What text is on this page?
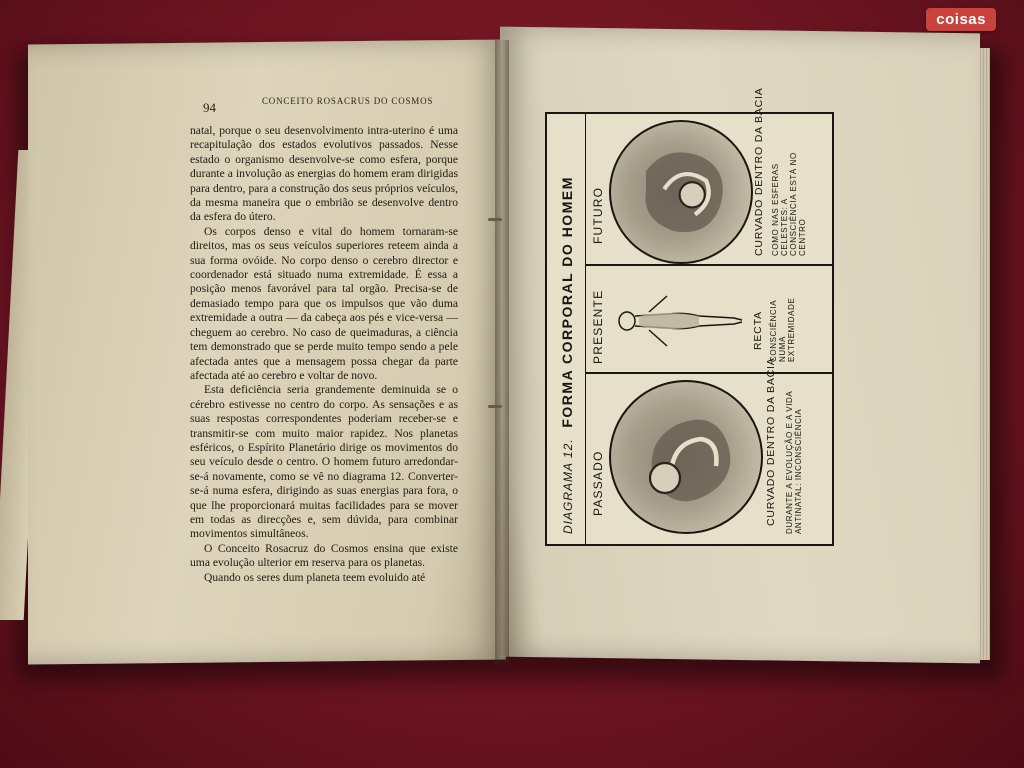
coisas
94	CONCEITO ROSACRUS DO COSMOS

natal, porque o seu desenvolvimento intra-uterino é uma recapitulação dos estados evolutivos passados. Nesse estado o organismo desenvolve-se como esfera, porque durante a involução as energias do homem eram dirigidas para dentro, para a construção dos seus próprios veículos, da mesma maneira que o embrião se desenvolve dentro da esfera do útero.

Os corpos denso e vital do homem tornaram-se direitos, mas os seus veículos superiores reteem ainda a sua forma ovóide. No corpo denso o cerebro director e coordenador está situado numa extremidade. É essa a posição menos favorável para tal orgão. Precisa-se de demasiado tempo para que os impulsos que vão duma extremidade a outra — da cabeça aos pés e vice-versa — cheguem ao cerebro. No caso de queimaduras, a ciência tem demonstrado que se perde muito tempo sendo a pele afectada antes que a mensagem possa chegar da parte afectada até ao cerebro e voltar de novo.

Esta deficiência seria grandemente deminuida se o cérebro estivesse no centro do corpo. As sensações e as suas respostas correspondentes poderiam receber-se e transmitir-se com muito maior rapidez. Nos planetas esféricos, o Espírito Planetário dirige os movimentos do seu veículo desde o centro. O homem futuro arredondar-se-á novamente, como se vê no diagrama 12. Converter-se-á numa esfera, dirigindo as suas energias para fora, o que lhe proporcionará muitas facilidades para se mover em todas as direcções e, sem dúvida, para combinar movimentos simultâneos.

O Conceito Rosacruz do Cosmos ensina que existe uma evolução ulterior em reserva para os planetas.

Quando os seres dum planeta teem evoluido até

DIAGRAMA 12.  FORMA CORPORAL DO HOMEM
PASSADO	CURVADO DENTRO DA BACIA DURANTE A EVOLUÇÃO E A VIDA ANTINATAL: INCONSCIÊNCIA
PRESENTE	RECTA CONSCIÊNCIA NUMA EXTREMIDADE
FUTURO	CURVADO DENTRO DA BACIA COMO NAS ESFERAS CELESTES: A CONSCIÊNCIA ESTÁ NO CENTRO
